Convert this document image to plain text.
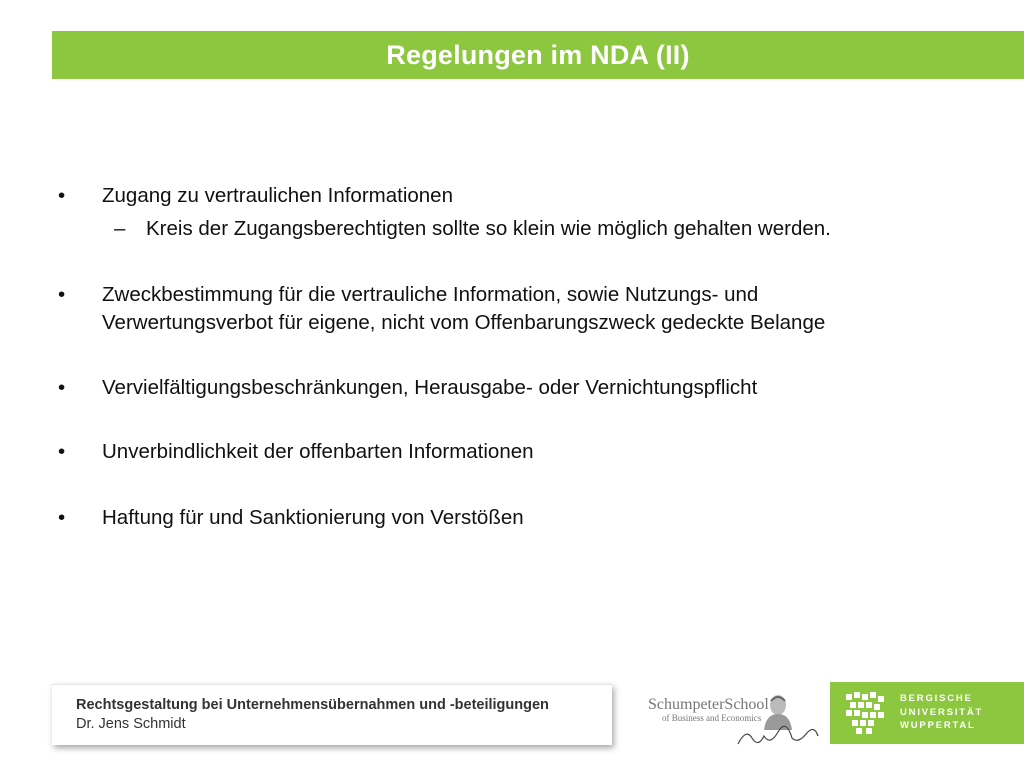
Regelungen im NDA (II)
•	Zugang zu vertraulichen Informationen
–	Kreis der Zugangsberechtigten sollte so klein wie möglich gehalten werden.
•	Zweckbestimmung für die vertrauliche Information, sowie Nutzungs- und Verwertungsverbot für eigene, nicht vom Offenbarungszweck gedeckte Belange
•	Vervielfältigungsbeschränkungen, Herausgabe- oder Vernichtungspflicht
•	Unverbindlichkeit der offenbarten Informationen
•	Haftung für und Sanktionierung von Verstößen
Rechtsgestaltung bei Unternehmensübernahmen und -beteiligungen
Dr. Jens Schmidt
SchumpeterSchool
of Business and Economics
BERGISCHE
UNIVERSITÄT
WUPPERTAL
